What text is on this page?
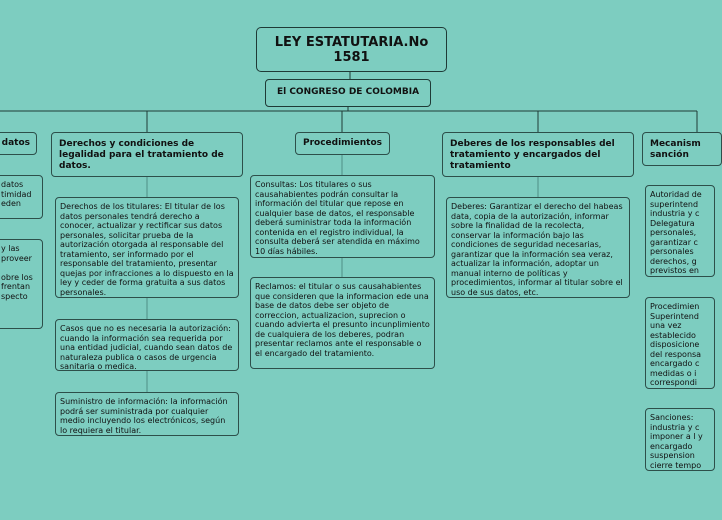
LEY ESTATUTARIA.No 1581
El CONGRESO DE COLOMBIA
datos
datos
timidad
eden
y las
proveer

obre los
frentan
specto
Derechos y condiciones de legalidad para el tratamiento de datos.
Derechos de los titulares: El titular de los datos personales tendrá derecho a conocer, actualizar y rectificar sus datos personales, solicitar prueba de la autorización otorgada al responsable del tratamiento, ser informado por el responsable del tratamiento, presentar quejas por infracciones a lo dispuesto en la ley y ceder de forma gratuita a sus datos personales.
Casos que no es necesaria la autorización: cuando la información sea requerida por una entidad judicial, cuando sean datos de naturaleza publica o casos de urgencia sanitaria o medica.
Suministro de información: la información podrá ser suministrada por cualquier medio incluyendo los electrónicos, según lo requiera el titular.
Procedimientos
Consultas: Los titulares o sus causahabientes podrán consultar la información del titular que repose en cualquier base de datos, el responsable deberá suministrar toda la información contenida en el registro individual, la consulta deberá ser atendida en máximo 10 días hábiles.
Reclamos: el titular o sus causahabientes que consideren que la informacion ede una base de datos debe ser objeto de correccion, actualizacion, suprecion o cuando advierta el presunto incunplimiento de cualquiera de los deberes, podran presentar reclamos ante el responsable o el encargado del tratamiento.
Deberes de los responsables del tratamiento y encargados del tratamiento
Deberes: Garantizar el derecho del habeas data, copia de la autorización, informar sobre la finalidad de la recolecta, conservar la información bajo las condiciones de seguridad necesarias, garantizar que la información sea veraz, actualizar la información, adoptar un manual interno de políticas y procedimientos, informar al titular sobre el uso de sus datos, etc.
Mecanism sanción
Autoridad de superintend industria y c Delegatura personales, garantizar c personales derechos, g previstos en
Procedimien Superintend una vez establecido disposicione del responsa encargado c medidas o i correspondi
Sanciones: industria y c imponer a l y encargado suspension cierre tempo
